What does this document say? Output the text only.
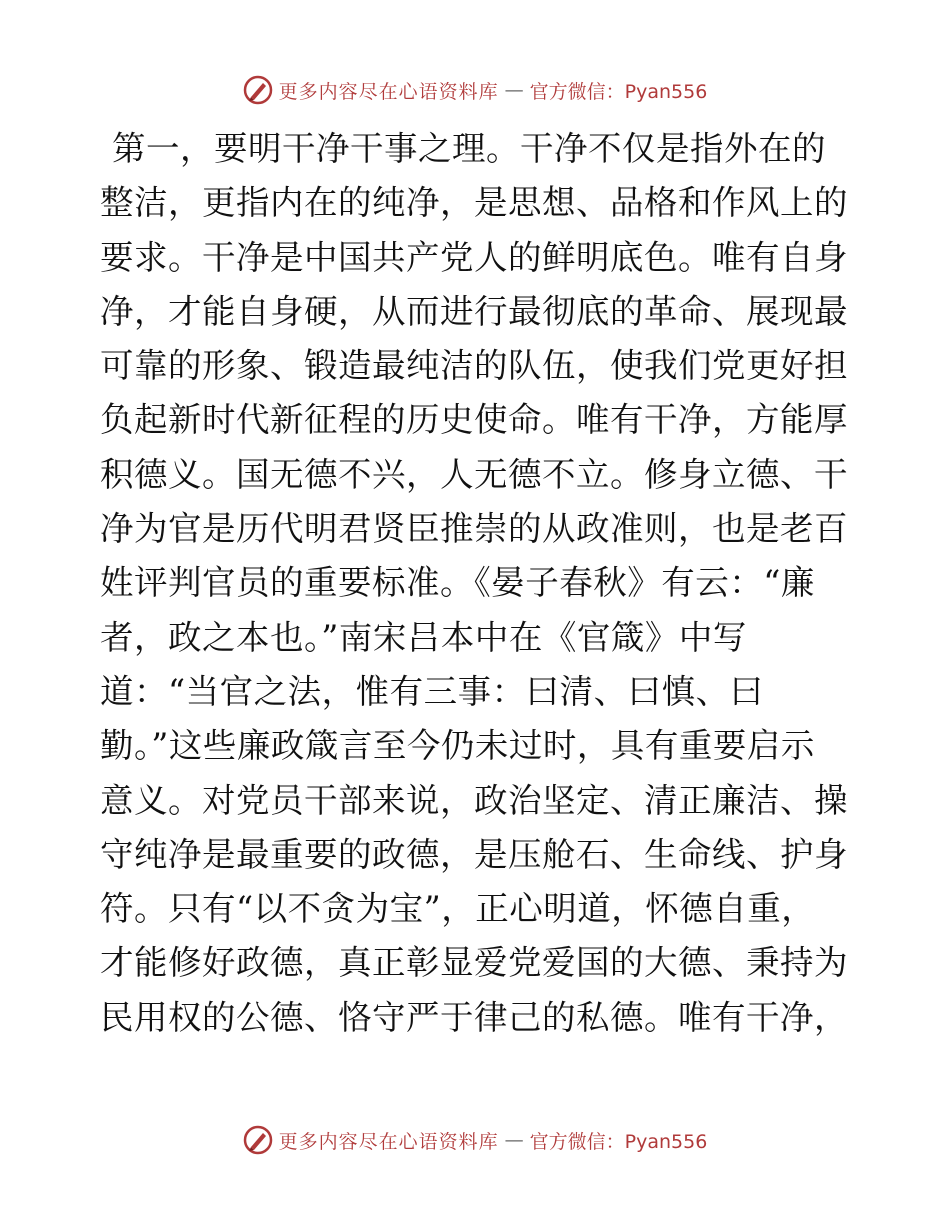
更多内容尽在心语资料库 — 官方微信：Pyan556
第一，要明干净干事之理。干净不仅是指外在的
整洁，更指内在的纯净，是思想、品格和作风上的
要求。干净是中国共产党人的鲜明底色。唯有自身
净，才能自身硬，从而进行最彻底的革命、展现最
可靠的形象、锻造最纯洁的队伍，使我们党更好担
负起新时代新征程的历史使命。唯有干净，方能厚
积德义。国无德不兴，人无德不立。修身立德、干
净为官是历代明君贤臣推崇的从政准则，也是老百
姓评判官员的重要标准。《晏子春秋》有云：“廉
者，政之本也。”南宋吕本中在《官箴》中写
道：“当官之法，惟有三事：曰清、曰慎、曰
勤。”这些廉政箴言至今仍未过时，具有重要启示
意义。对党员干部来说，政治坚定、清正廉洁、操
守纯净是最重要的政德，是压舱石、生命线、护身
符。只有“以不贪为宝”，正心明道，怀德自重，
才能修好政德，真正彰显爱党爱国的大德、秉持为
民用权的公德、恪守严于律己的私德。唯有干净，
更多内容尽在心语资料库 — 官方微信：Pyan556
